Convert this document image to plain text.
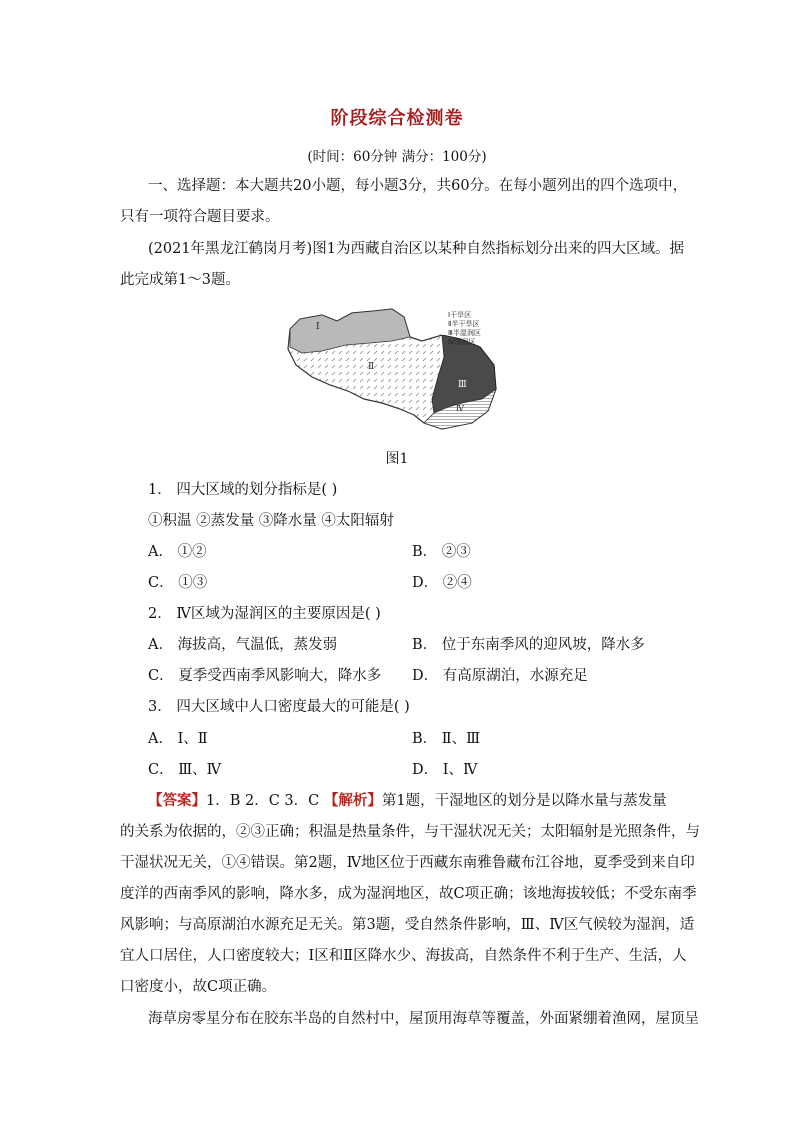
阶段综合检测卷
(时间：60分钟 满分：100分)
一、选择题：本大题共20小题，每小题3分，共60分。在每小题列出的四个选项中，
只有一项符合题目要求。
(2021年黑龙江鹤岗月考)图1为西藏自治区以某种自然指标划分出来的四大区域。据
此完成第1～3题。
Ⅰ
Ⅱ
Ⅲ
Ⅳ
Ⅰ干旱区
Ⅱ半干旱区
Ⅲ半湿润区
Ⅳ湿润区
图1
1． 四大区域的划分指标是( )
①积温 ②蒸发量 ③降水量 ④太阳辐射
A． ①②	B． ②③
C． ①③	D． ②④
2． Ⅳ区域为湿润区的主要原因是( )
A． 海拔高，气温低，蒸发弱	B． 位于东南季风的迎风坡，降水多
C． 夏季受西南季风影响大，降水多 D． 有高原湖泊，水源充足
3． 四大区域中人口密度最大的可能是( )
A． Ⅰ、Ⅱ	B． Ⅱ、Ⅲ
C． Ⅲ、Ⅳ	D． Ⅰ、Ⅳ
【答案】1．B 2．C 3．C 【解析】第1题，干湿地区的划分是以降水量与蒸发量
的关系为依据的，②③正确；积温是热量条件，与干湿状况无关；太阳辐射是光照条件，与
干湿状况无关，①④错误。第2题，Ⅳ地区位于西藏东南雅鲁藏布江谷地，夏季受到来自印
度洋的西南季风的影响，降水多，成为湿润地区，故C项正确；该地海拔较低；不受东南季
风影响；与高原湖泊水源充足无关。第3题，受自然条件影响，Ⅲ、Ⅳ区气候较为湿润，适
宜人口居住，人口密度较大；Ⅰ区和Ⅱ区降水少、海拔高，自然条件不利于生产、生活，人
口密度小，故C项正确。
海草房零星分布在胶东半岛的自然村中，屋顶用海草等覆盖，外面紧绷着渔网，屋顶呈
